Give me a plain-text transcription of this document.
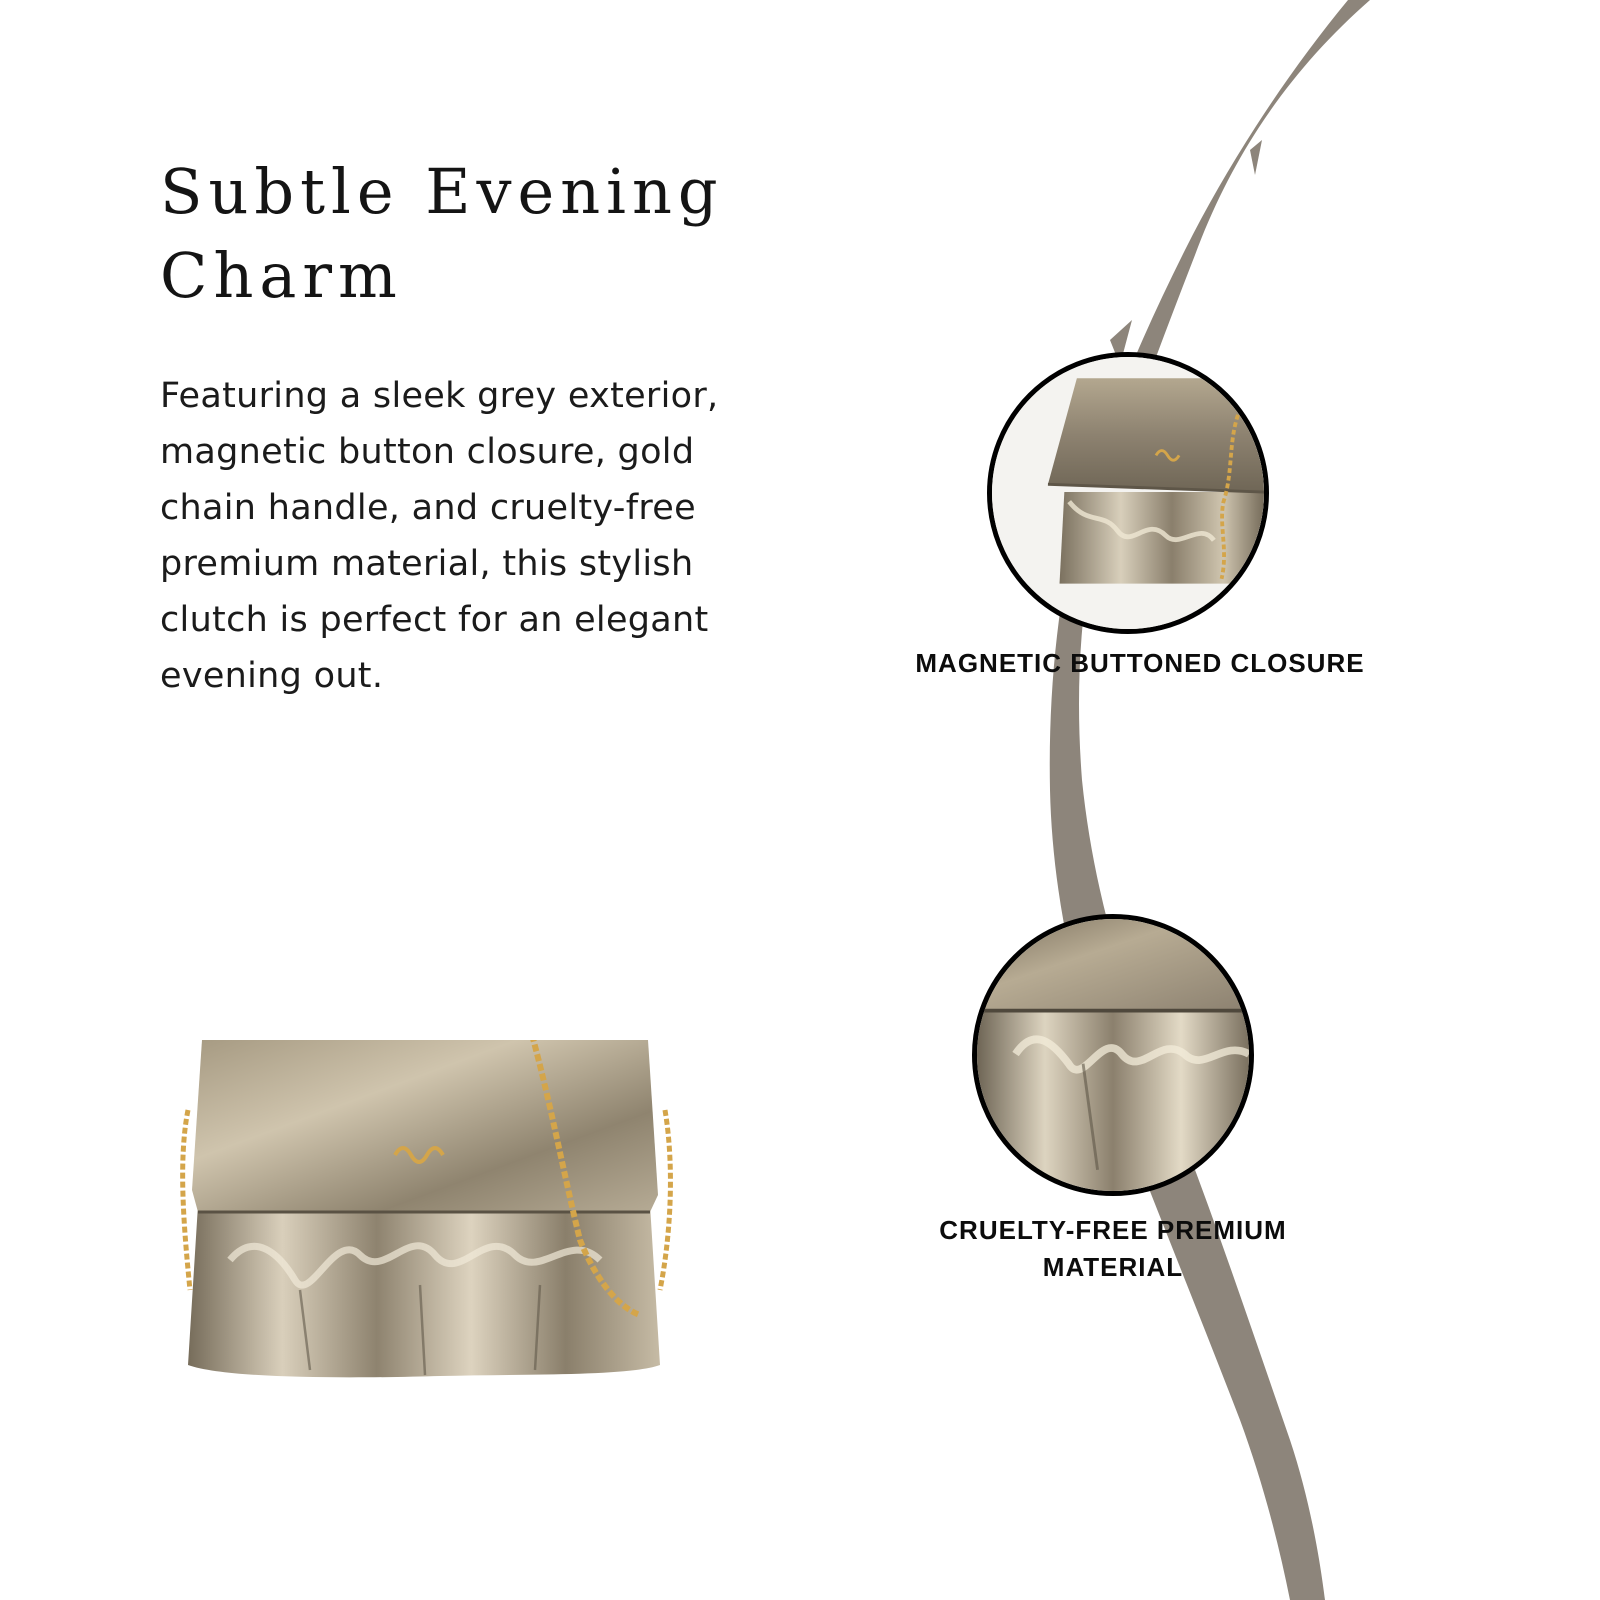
Subtle Evening Charm

Featuring a sleek grey exterior, magnetic button closure, gold chain handle, and cruelty-free premium material, this stylish clutch is perfect for an elegant evening out.	MAGNETIC BUTTONED CLOSURE

CRUELTY-FREE PREMIUM MATERIAL
